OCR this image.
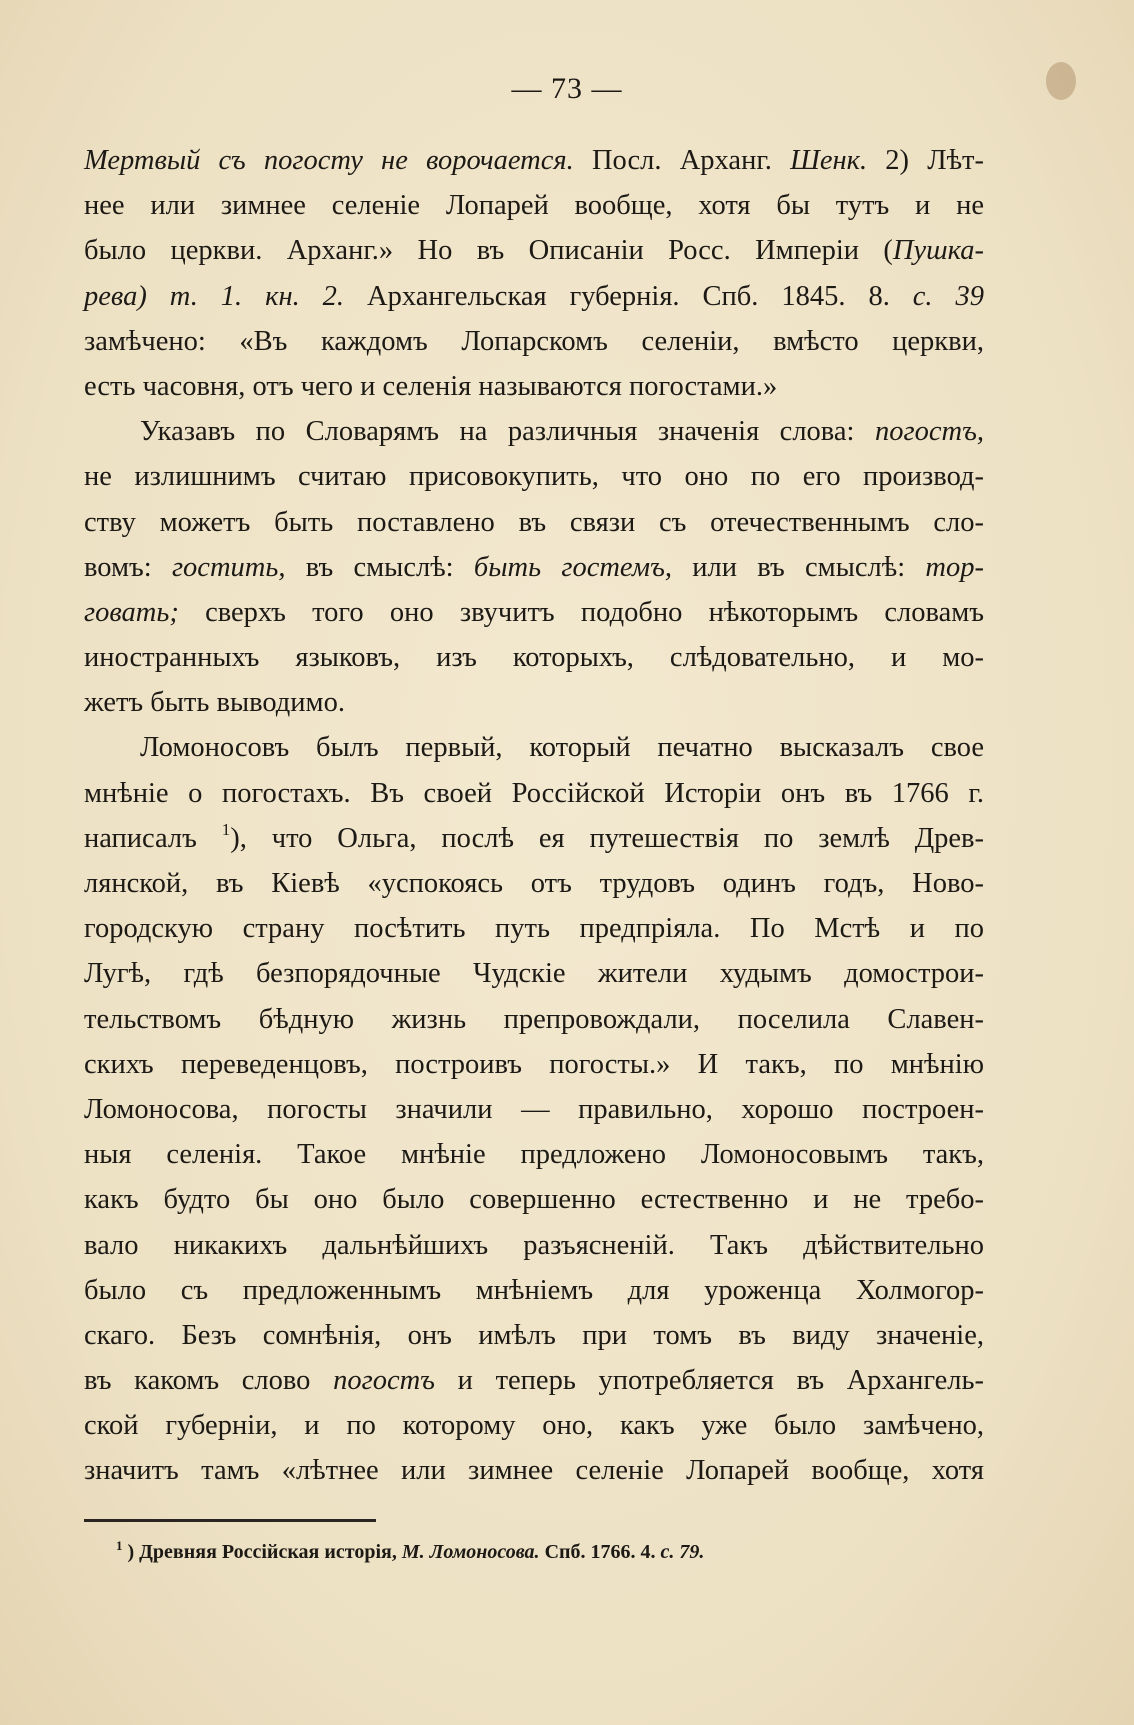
— 73 —
Мертвый съ погосту не ворочается. Посл. Арханг. Шенк. 2) Лѣт-
нее или зимнее селеніе Лопарей вообще, хотя бы тутъ и не
было церкви. Арханг.» Но въ Описаніи Росс. Имперіи (Пушка-
рева) т. 1. кн. 2. Архангельская губернія. Спб. 1845. 8. с. 39
замѣчено: «Въ каждомъ Лопарскомъ селеніи, вмѣсто церкви,
есть часовня, отъ чего и селенія называются погостами.»
Указавъ по Словарямъ на различныя значенія слова: погостъ,
не излишнимъ считаю присовокупить, что оно по его производ-
ству можетъ быть поставлено въ связи съ отечественнымъ сло-
вомъ: гостить, въ смыслѣ: быть гостемъ, или въ смыслѣ: тор-
говать; сверхъ того оно звучитъ подобно нѣкоторымъ словамъ
иностранныхъ языковъ, изъ которыхъ, слѣдовательно, и мо-
жетъ быть выводимо.
Ломоносовъ былъ первый, который печатно высказалъ свое
мнѣніе о погостахъ. Въ своей Россійской Исторіи онъ въ 1766 г.
написалъ $^1$), что Ольга, послѣ ея путешествія по землѣ Древ-
лянской, въ Кіевѣ «успокоясь отъ трудовъ одинъ годъ, Ново-
городскую страну посѣтить путь предпріяла. По Мстѣ и по
Лугѣ, гдѣ безпорядочные Чудскіе жители худымъ домострои-
тельствомъ бѣдную жизнь препровождали, поселила Славен-
скихъ переведенцовъ, построивъ погосты.» И такъ, по мнѣнію
Ломоносова, погосты значили — правильно, хорошо построен-
ныя селенія. Такое мнѣніе предложено Ломоносовымъ такъ,
какъ будто бы оно было совершенно естественно и не требо-
вало никакихъ дальнѣйшихъ разъясненій. Такъ дѣйствительно
было съ предложеннымъ мнѣніемъ для уроженца Холмогор-
скаго. Безъ сомнѣнія, онъ имѣлъ при томъ въ виду значеніе,
въ какомъ слово погостъ и теперь употребляется въ Архангель-
ской губерніи, и по которому оно, какъ уже было замѣчено,
значитъ тамъ «лѣтнее или зимнее селеніе Лопарей вообще, хотя
$^1$ ) Древняя Россійская исторія, М. Ломоносова. Спб. 1766. 4. с. 79.
